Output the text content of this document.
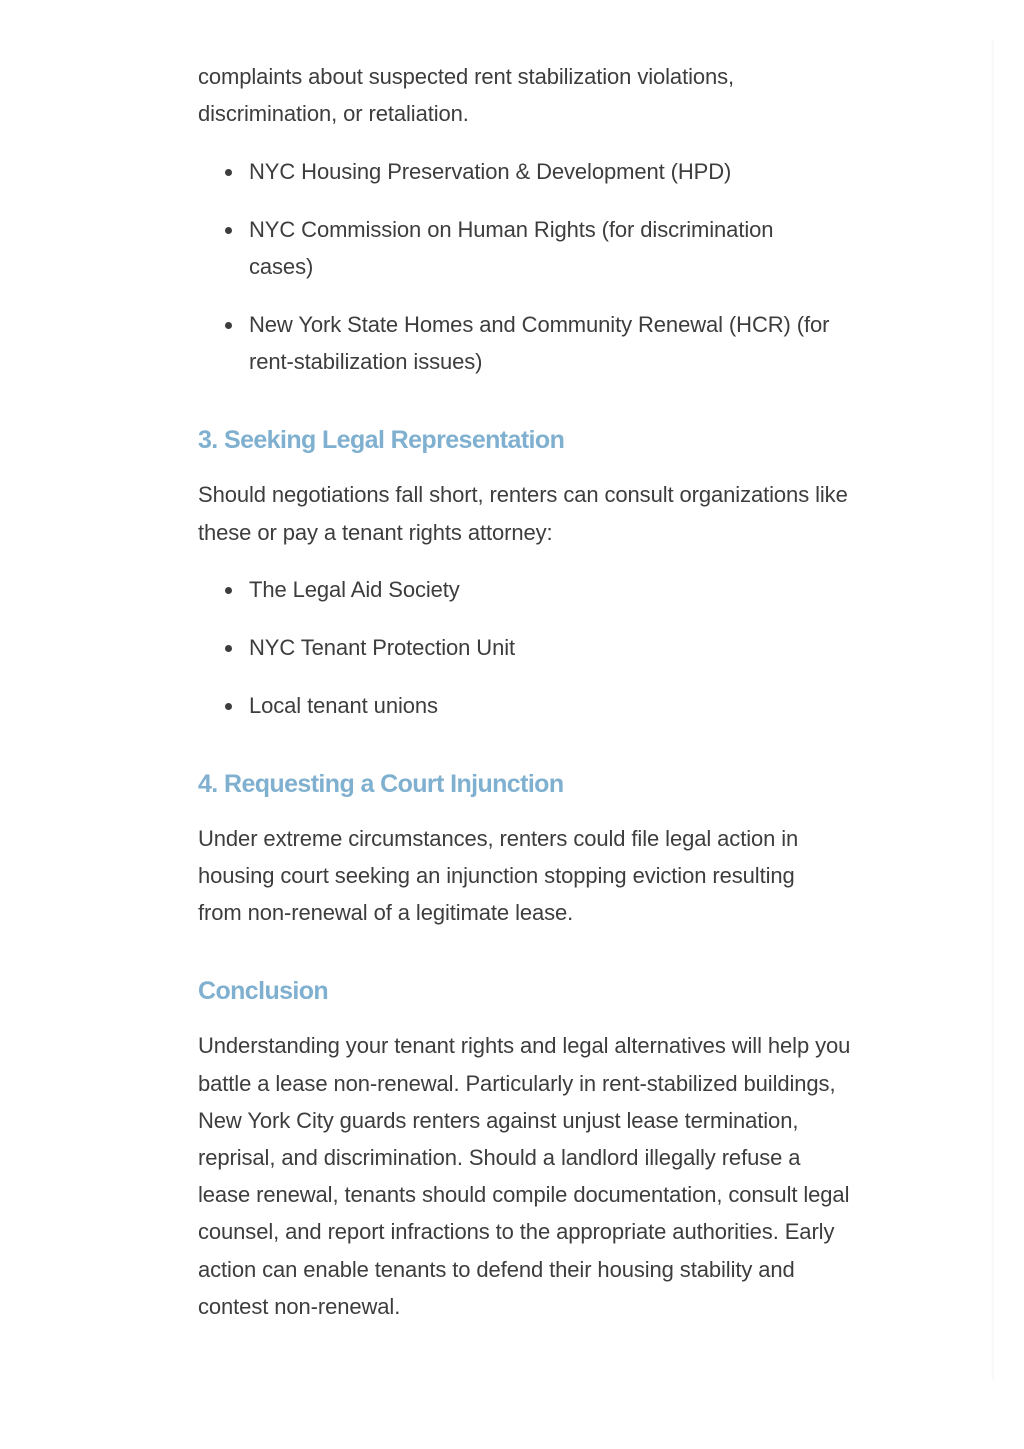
complaints about suspected rent stabilization violations, discrimination, or retaliation.

NYC Housing Preservation & Development (HPD)
NYC Commission on Human Rights (for discrimination cases)
New York State Homes and Community Renewal (HCR) (for rent-stabilization issues)
3. Seeking Legal Representation

Should negotiations fall short, renters can consult organizations like these or pay a tenant rights attorney:

The Legal Aid Society
NYC Tenant Protection Unit
Local tenant unions
4. Requesting a Court Injunction

Under extreme circumstances, renters could file legal action in housing court seeking an injunction stopping eviction resulting from non-renewal of a legitimate lease.

Conclusion

Understanding your tenant rights and legal alternatives will help you battle a lease non-renewal. Particularly in rent-stabilized buildings, New York City guards renters against unjust lease termination, reprisal, and discrimination. Should a landlord illegally refuse a lease renewal, tenants should compile documentation, consult legal counsel, and report infractions to the appropriate authorities. Early action can enable tenants to defend their housing stability and contest non-renewal.
